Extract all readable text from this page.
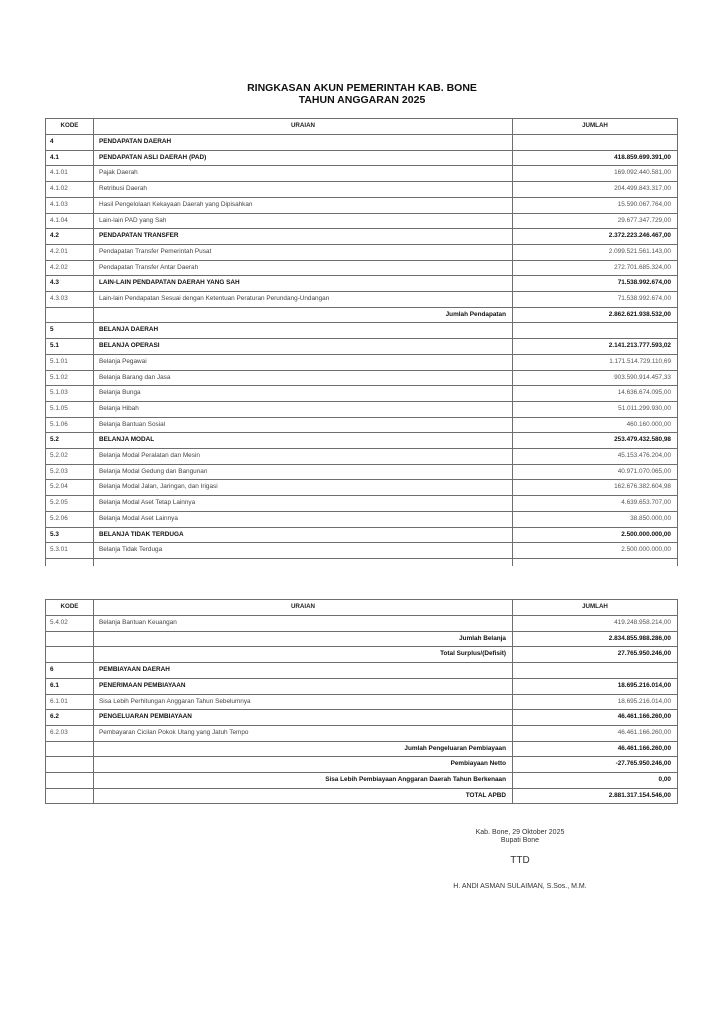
RINGKASAN AKUN PEMERINTAH KAB. BONE
TAHUN ANGGARAN 2025
KODE	URAIAN	JUMLAH
4	PENDAPATAN DAERAH	
4.1	PENDAPATAN ASLI DAERAH (PAD)	418.859.699.391,00
4.1.01	Pajak Daerah	169.092.440.581,00
4.1.02	Retribusi Daerah	204.499.843.317,00
4.1.03	Hasil Pengelolaan Kekayaan Daerah yang Dipisahkan	15.590.067.764,00
4.1.04	Lain-lain PAD yang Sah	29.677.347.729,00
4.2	PENDAPATAN TRANSFER	2.372.223.246.467,00
4.2.01	Pendapatan Transfer Pemerintah Pusat	2.099.521.561.143,00
4.2.02	Pendapatan Transfer Antar Daerah	272.701.685.324,00
4.3	LAIN-LAIN PENDAPATAN DAERAH YANG SAH	71.538.992.674,00
4.3.03	Lain-lain Pendapatan Sesuai dengan Ketentuan Peraturan Perundang-Undangan	71.538.992.674,00
	Jumlah Pendapatan	2.862.621.938.532,00
5	BELANJA DAERAH	
5.1	BELANJA OPERASI	2.141.213.777.593,02
5.1.01	Belanja Pegawai	1.171.514.729.110,69
5.1.02	Belanja Barang dan Jasa	903.590.914.457,33
5.1.03	Belanja Bunga	14.636.674.095,00
5.1.05	Belanja Hibah	51.011.299.930,00
5.1.06	Belanja Bantuan Sosial	460.160.000,00
5.2	BELANJA MODAL	253.479.432.580,98
5.2.02	Belanja Modal Peralatan dan Mesin	45.153.476.204,00
5.2.03	Belanja Modal Gedung dan Bangunan	40.971.070.065,00
5.2.04	Belanja Modal Jalan, Jaringan, dan Irigasi	162.676.382.604,98
5.2.05	Belanja Modal Aset Tetap Lainnya	4.639.653.707,00
5.2.06	Belanja Modal Aset Lainnya	38.850.000,00
5.3	BELANJA TIDAK TERDUGA	2.500.000.000,00
5.3.01	Belanja Tidak Terduga	2.500.000.000,00

KODE	URAIAN	JUMLAH
5.4.02	Belanja Bantuan Keuangan	419.248.958.214,00
	Jumlah Belanja	2.834.855.988.286,00
	Total Surplus/(Defisit)	27.765.950.246,00
6	PEMBIAYAAN DAERAH	
6.1	PENERIMAAN PEMBIAYAAN	18.695.216.014,00
6.1.01	Sisa Lebih Perhitungan Anggaran Tahun Sebelumnya	18.695.216.014,00
6.2	PENGELUARAN PEMBIAYAAN	46.461.166.260,00
6.2.03	Pembayaran Cicilan Pokok Utang yang Jatuh Tempo	46.461.166.260,00
	Jumlah Pengeluaran Pembiayaan	46.461.166.260,00
	Pembiayaan Netto	-27.765.950.246,00
	Sisa Lebih Pembiayaan Anggaran Daerah Tahun Berkenaan	0,00
	TOTAL APBD	2.881.317.154.546,00
Kab. Bone, 29 Oktober 2025
Bupati Bone
TTD
H. ANDI ASMAN SULAIMAN, S.Sos., M.M.
